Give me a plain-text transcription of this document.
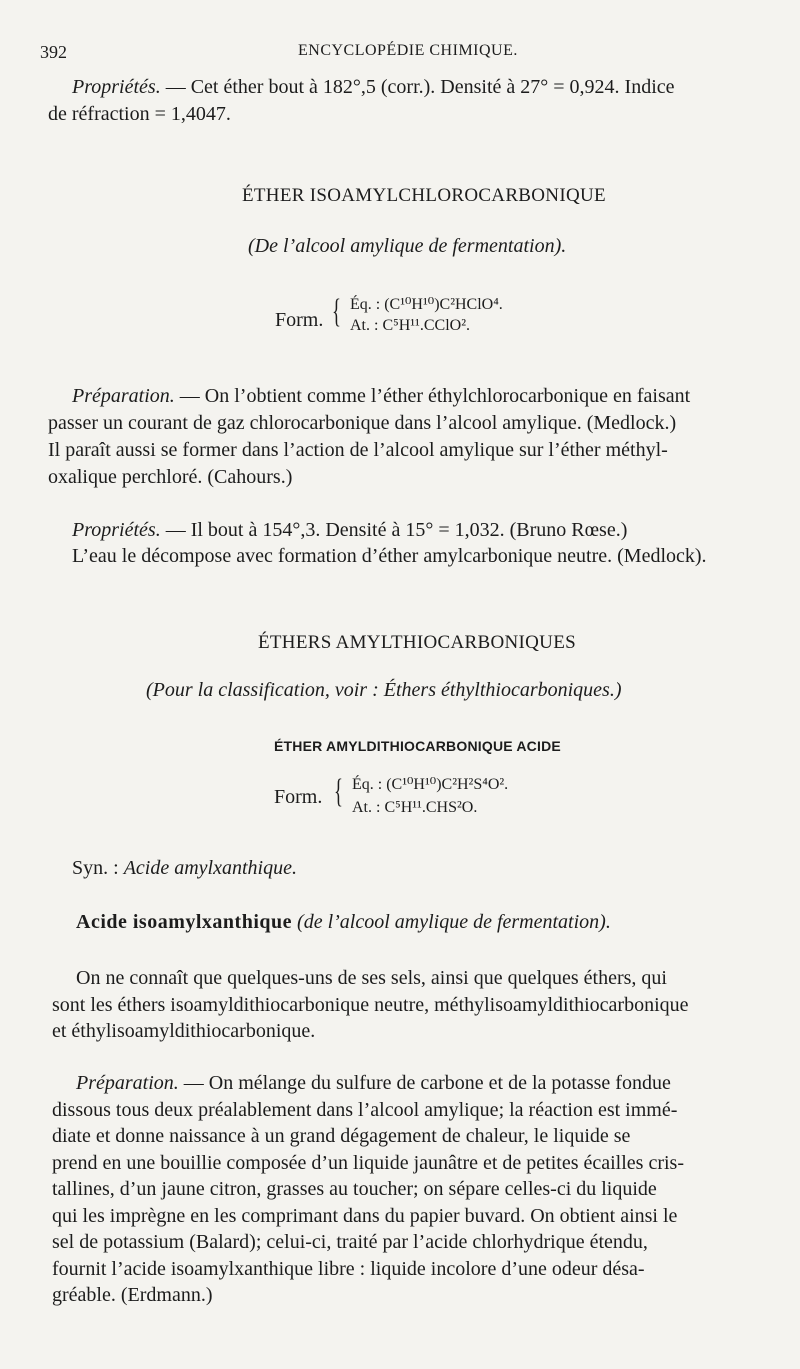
392	ENCYCLOPÉDIE CHIMIQUE.
Propriétés. — Cet éther bout à 182°,5 (corr.). Densité à 27° = 0,924. Indice
de réfraction = 1,4047.
ÉTHER ISOAMYLCHLOROCARBONIQUE
(De l’alcool amylique de fermentation).
Form. { Éq. : (C¹⁰H¹⁰)C²HClO⁴.
At. : C⁵H¹¹.CClO².
Préparation. — On l’obtient comme l’éther éthylchlorocarbonique en faisant
passer un courant de gaz chlorocarbonique dans l’alcool amylique. (Medlock.)
Il paraît aussi se former dans l’action de l’alcool amylique sur l’éther méthyl-
oxalique perchloré. (Cahours.)
Propriétés. — Il bout à 154°,3. Densité à 15° = 1,032. (Bruno Rœse.)
L’eau le décompose avec formation d’éther amylcarbonique neutre. (Medlock).
ÉTHERS AMYLTHIOCARBONIQUES
(Pour la classification, voir : Éthers éthylthiocarboniques.)
ÉTHER AMYLDITHIOCARBONIQUE ACIDE
Form. { Éq. : (C¹⁰H¹⁰)C²H²S⁴O².
At. : C⁵H¹¹.CHS²O.
Syn. : Acide amylxanthique.
Acide isoamylxanthique (de l’alcool amylique de fermentation).
On ne connaît que quelques-uns de ses sels, ainsi que quelques éthers, qui
sont les éthers isoamyldithiocarbonique neutre, méthylisoamyldithiocarbonique
et éthylisoamyldithiocarbonique.
Préparation. — On mélange du sulfure de carbone et de la potasse fondue
dissous tous deux préalablement dans l’alcool amylique; la réaction est immé-
diate et donne naissance à un grand dégagement de chaleur, le liquide se
prend en une bouillie composée d’un liquide jaunâtre et de petites écailles cris-
tallines, d’un jaune citron, grasses au toucher; on sépare celles-ci du liquide
qui les imprègne en les comprimant dans du papier buvard. On obtient ainsi le
sel de potassium (Balard); celui-ci, traité par l’acide chlorhydrique étendu,
fournit l’acide isoamylxanthique libre : liquide incolore d’une odeur désa-
gréable. (Erdmann.)
